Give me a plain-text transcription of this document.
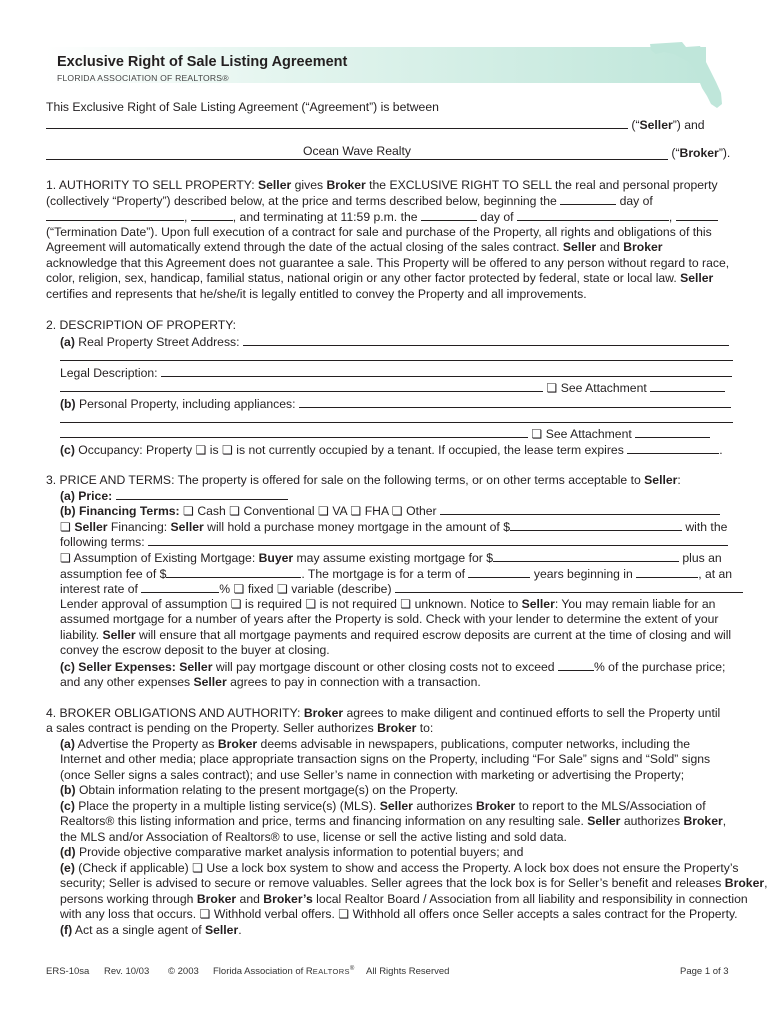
Exclusive Right of Sale Listing Agreement
FLORIDA ASSOCIATION OF REALTORS®
This Exclusive Right of Sale Listing Agreement (“Agreement”) is between
(“Seller”) and
Ocean Wave Realty	(“Broker”).
1. AUTHORITY TO SELL PROPERTY: Seller gives Broker the EXCLUSIVE RIGHT TO SELL the real and personal property
(collectively “Property”) described below, at the price and terms described below, beginning the	day of
,	, and terminating at 11:59 p.m. the	day of	,
(“Termination Date”). Upon full execution of a contract for sale and purchase of the Property, all rights and obligations of this
Agreement will automatically extend through the date of the actual closing of the sales contract. Seller and Broker
acknowledge that this Agreement does not guarantee a sale. This Property will be offered to any person without regard to race,
color, religion, sex, handicap, familial status, national origin or any other factor protected by federal, state or local law. Seller
certifies and represents that he/she/it is legally entitled to convey the Property and all improvements.
2. DESCRIPTION OF PROPERTY:
(a) Real Property Street Address:
Legal Description:
❏ See Attachment
(b) Personal Property, including appliances:
❏ See Attachment
(c) Occupancy: Property ❏ is ❏ is not currently occupied by a tenant. If occupied, the lease term expires	.
3. PRICE AND TERMS: The property is offered for sale on the following terms, or on other terms acceptable to Seller:
(a) Price:
(b) Financing Terms: ❏ Cash ❏ Conventional ❏ VA ❏ FHA ❏ Other
❏ Seller Financing: Seller will hold a purchase money mortgage in the amount of $	with the
following terms:
❏ Assumption of Existing Mortgage: Buyer may assume existing mortgage for $	plus an
assumption fee of $	. The mortgage is for a term of	years beginning in	, at an
interest rate of	% ❏ fixed ❏ variable (describe)
Lender approval of assumption ❏ is required ❏ is not required ❏ unknown. Notice to Seller: You may remain liable for an
assumed mortgage for a number of years after the Property is sold. Check with your lender to determine the extent of your
liability. Seller will ensure that all mortgage payments and required escrow deposits are current at the time of closing and will
convey the escrow deposit to the buyer at closing.
(c) Seller Expenses: Seller will pay mortgage discount or other closing costs not to exceed	% of the purchase price;
and any other expenses Seller agrees to pay in connection with a transaction.
4. BROKER OBLIGATIONS AND AUTHORITY: Broker agrees to make diligent and continued efforts to sell the Property until
a sales contract is pending on the Property. Seller authorizes Broker to:
(a) Advertise the Property as Broker deems advisable in newspapers, publications, computer networks, including the
Internet and other media; place appropriate transaction signs on the Property, including “For Sale” signs and “Sold” signs
(once Seller signs a sales contract); and use Seller’s name in connection with marketing or advertising the Property;
(b) Obtain information relating to the present mortgage(s) on the Property.
(c) Place the property in a multiple listing service(s) (MLS). Seller authorizes Broker to report to the MLS/Association of
Realtors® this listing information and price, terms and financing information on any resulting sale. Seller authorizes Broker,
the MLS and/or Association of Realtors® to use, license or sell the active listing and sold data.
(d) Provide objective comparative market analysis information to potential buyers; and
(e) (Check if applicable) ❏ Use a lock box system to show and access the Property. A lock box does not ensure the Property’s
security; Seller is advised to secure or remove valuables. Seller agrees that the lock box is for Seller’s benefit and releases Broker,
persons working through Broker and Broker’s local Realtor Board / Association from all liability and responsibility in connection
with any loss that occurs. ❏ Withhold verbal offers. ❏ Withhold all offers once Seller accepts a sales contract for the Property.
(f) Act as a single agent of Seller.
ERS-10sa Rev. 10/03 © 2003 Florida Association of REALTORS® All Rights Reserved	Page 1 of 3
